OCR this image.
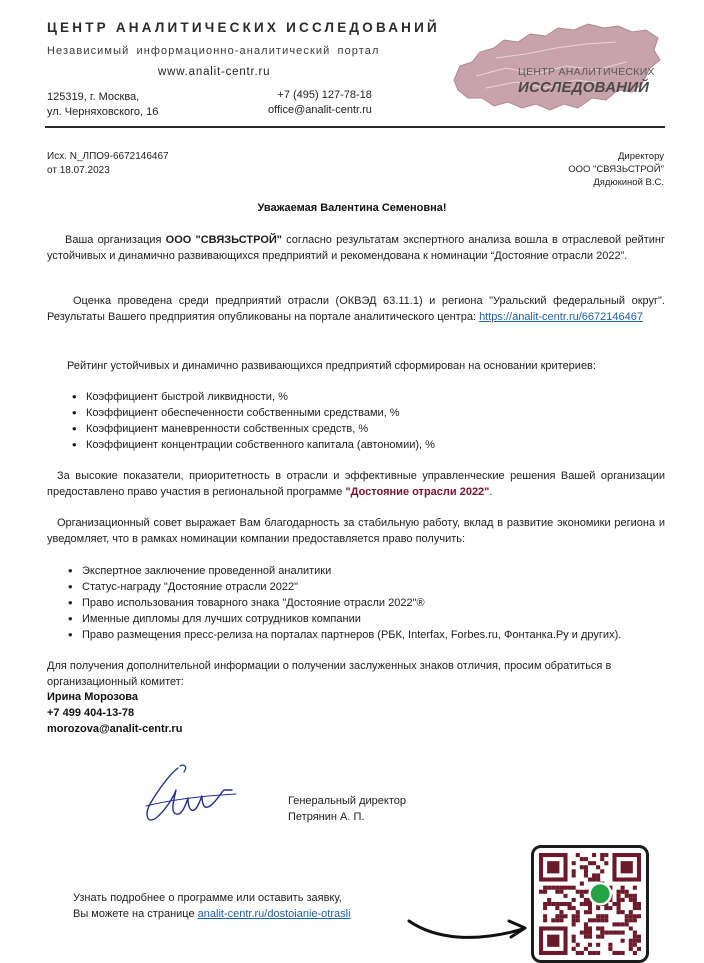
ЦЕНТР АНАЛИТИЧЕСКИХ ИССЛЕДОВАНИЙ
Независимый информационно-аналитический портал
www.analit-centr.ru
125319, г. Москва,
ул. Черняховского, 16
+7 (495) 127-78-18
office@analit-centr.ru
ЦЕНТР АНАЛИТИЧЕСКИХ
ИССЛЕДОВАНИЙ
Исх. N_ЛПО9-6672146467
от 18.07.2023
Директору
ООО "СВЯЗЬСТРОЙ"
Дядюкиной В.С.
Уважаемая Валентина Семеновна!
Ваша организация ООО "СВЯЗЬСТРОЙ" согласно результатам экспертного анализа вошла в отраслевой рейтинг устойчивых и динамично развивающихся предприятий и рекомендована к номинации “Достояние отрасли 2022”.
Оценка проведена среди предприятий отрасли (ОКВЭД 63.11.1) и региона "Уральский федеральный округ". Результаты Вашего предприятия опубликованы на портале аналитического центра: https://analit-centr.ru/6672146467
Рейтинг устойчивых и динамично развивающихся предприятий сформирован на основании критериев:
• Коэффициент быстрой ликвидности, %
• Коэффициент обеспеченности собственными средствами, %
• Коэффициент маневренности собственных средств, %
• Коэффициент концентрации собственного капитала (автономии), %
За высокие показатели, приоритетность в отрасли и эффективные управленческие решения Вашей организации предоставлено право участия в региональной программе "Достояние отрасли 2022".
Организационный совет выражает Вам благодарность за стабильную работу, вклад в развитие экономики региона и уведомляет, что в рамках номинации компании предоставляется право получить:
• Экспертное заключение проведенной аналитики
• Статус-награду "Достояние отрасли 2022"
• Право использования товарного знака "Достояние отрасли 2022"®
• Именные дипломы для лучших сотрудников компании
• Право размещения пресс-релиза на порталах партнеров (РБК, Interfax, Forbes.ru, Фонтанка.Ру и других).
Для получения дополнительной информации о получении заслуженных знаков отличия, просим обратиться в организационный комитет:
Ирина Морозова
+7 499 404-13-78
morozova@analit-centr.ru
Генеральный директор
Петрянин А. П.
Узнать подробнее о программе или оставить заявку,
Вы можете на странице analit-centr.ru/dostoianie-otrasli
